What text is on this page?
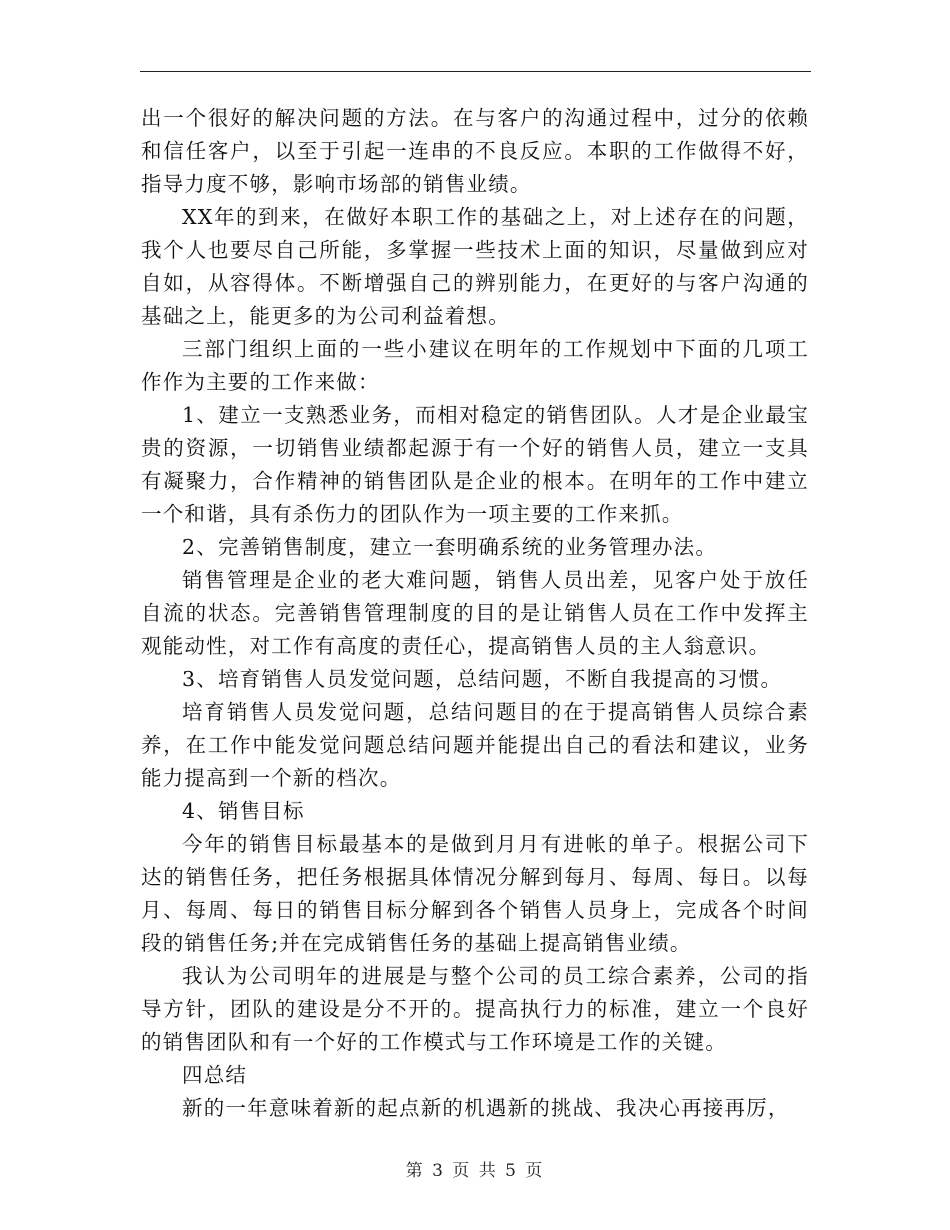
出一个很好的解决问题的方法。在与客户的沟通过程中，过分的依赖和信任客户，以至于引起一连串的不良反应。本职的工作做得不好，指导力度不够，影响市场部的销售业绩。

XX年的到来，在做好本职工作的基础之上，对上述存在的问题，我个人也要尽自己所能，多掌握一些技术上面的知识，尽量做到应对自如，从容得体。不断增强自己的辨别能力，在更好的与客户沟通的基础之上，能更多的为公司利益着想。

三部门组织上面的一些小建议在明年的工作规划中下面的几项工作作为主要的工作来做：

1、建立一支熟悉业务，而相对稳定的销售团队。人才是企业最宝贵的资源，一切销售业绩都起源于有一个好的销售人员，建立一支具有凝聚力，合作精神的销售团队是企业的根本。在明年的工作中建立一个和谐，具有杀伤力的团队作为一项主要的工作来抓。

2、完善销售制度，建立一套明确系统的业务管理办法。

销售管理是企业的老大难问题，销售人员出差，见客户处于放任自流的状态。完善销售管理制度的目的是让销售人员在工作中发挥主观能动性，对工作有高度的责任心，提高销售人员的主人翁意识。

3、培育销售人员发觉问题，总结问题，不断自我提高的习惯。

培育销售人员发觉问题，总结问题目的在于提高销售人员综合素养，在工作中能发觉问题总结问题并能提出自己的看法和建议，业务能力提高到一个新的档次。

4、销售目标

今年的销售目标最基本的是做到月月有进帐的单子。根据公司下达的销售任务，把任务根据具体情况分解到每月、每周、每日。以每月、每周、每日的销售目标分解到各个销售人员身上，完成各个时间段的销售任务;并在完成销售任务的基础上提高销售业绩。

我认为公司明年的进展是与整个公司的员工综合素养，公司的指导方针，团队的建设是分不开的。提高执行力的标准，建立一个良好的销售团队和有一个好的工作模式与工作环境是工作的关键。

四总结

新的一年意味着新的起点新的机遇新的挑战、我决心再接再厉，

第 3 页 共 5 页
